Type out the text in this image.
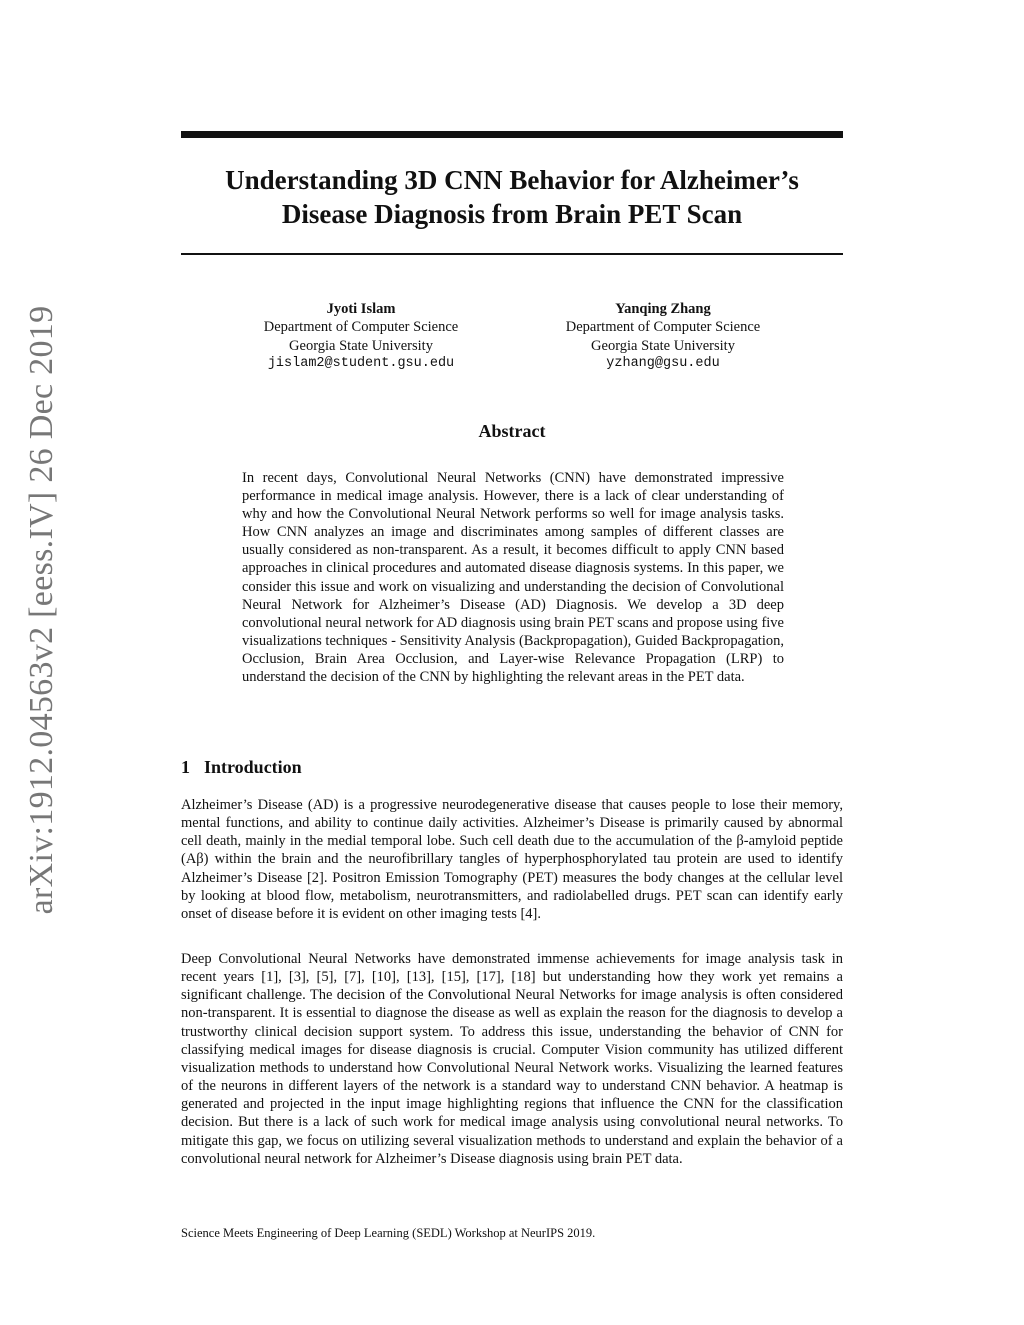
arXiv:1912.04563v2 [eess.IV] 26 Dec 2019
Understanding 3D CNN Behavior for Alzheimer’s
Disease Diagnosis from Brain PET Scan
Jyoti Islam
Department of Computer Science
Georgia State University
jislam2@student.gsu.edu
Yanqing Zhang
Department of Computer Science
Georgia State University
yzhang@gsu.edu
Abstract

In recent days, Convolutional Neural Networks (CNN) have demonstrated impressive performance in medical image analysis. However, there is a lack of clear understanding of why and how the Convolutional Neural Network performs so well for image analysis tasks. How CNN analyzes an image and discriminates among samples of different classes are usually considered as non-transparent. As a result, it becomes difficult to apply CNN based approaches in clinical procedures and automated disease diagnosis systems. In this paper, we consider this issue and work on visualizing and understanding the decision of Convolutional Neural Network for Alzheimer’s Disease (AD) Diagnosis. We develop a 3D deep convolutional neural network for AD diagnosis using brain PET scans and propose using five visualizations techniques - Sensitivity Analysis (Backpropagation), Guided Backpropagation, Occlusion, Brain Area Occlusion, and Layer-wise Relevance Propagation (LRP) to understand the decision of the CNN by highlighting the relevant areas in the PET data.

1 Introduction

Alzheimer’s Disease (AD) is a progressive neurodegenerative disease that causes people to lose their memory, mental functions, and ability to continue daily activities. Alzheimer’s Disease is primarily caused by abnormal cell death, mainly in the medial temporal lobe. Such cell death due to the accumulation of the β-amyloid peptide (Aβ) within the brain and the neurofibrillary tangles of hyperphosphorylated tau protein are used to identify Alzheimer’s Disease [2]. Positron Emission Tomography (PET) measures the body changes at the cellular level by looking at blood flow, metabolism, neurotransmitters, and radiolabelled drugs. PET scan can identify early onset of disease before it is evident on other imaging tests [4].

Deep Convolutional Neural Networks have demonstrated immense achievements for image analysis task in recent years [1], [3], [5], [7], [10], [13], [15], [17], [18] but understanding how they work yet remains a significant challenge. The decision of the Convolutional Neural Networks for image analysis is often considered non-transparent. It is essential to diagnose the disease as well as explain the reason for the diagnosis to develop a trustworthy clinical decision support system. To address this issue, understanding the behavior of CNN for classifying medical images for disease diagnosis is crucial. Computer Vision community has utilized different visualization methods to understand how Convolutional Neural Network works. Visualizing the learned features of the neurons in different layers of the network is a standard way to understand CNN behavior. A heatmap is generated and projected in the input image highlighting regions that influence the CNN for the classification decision. But there is a lack of such work for medical image analysis using convolutional neural networks. To mitigate this gap, we focus on utilizing several visualization methods to understand and explain the behavior of a convolutional neural network for Alzheimer’s Disease diagnosis using brain PET data.

Science Meets Engineering of Deep Learning (SEDL) Workshop at NeurIPS 2019.
